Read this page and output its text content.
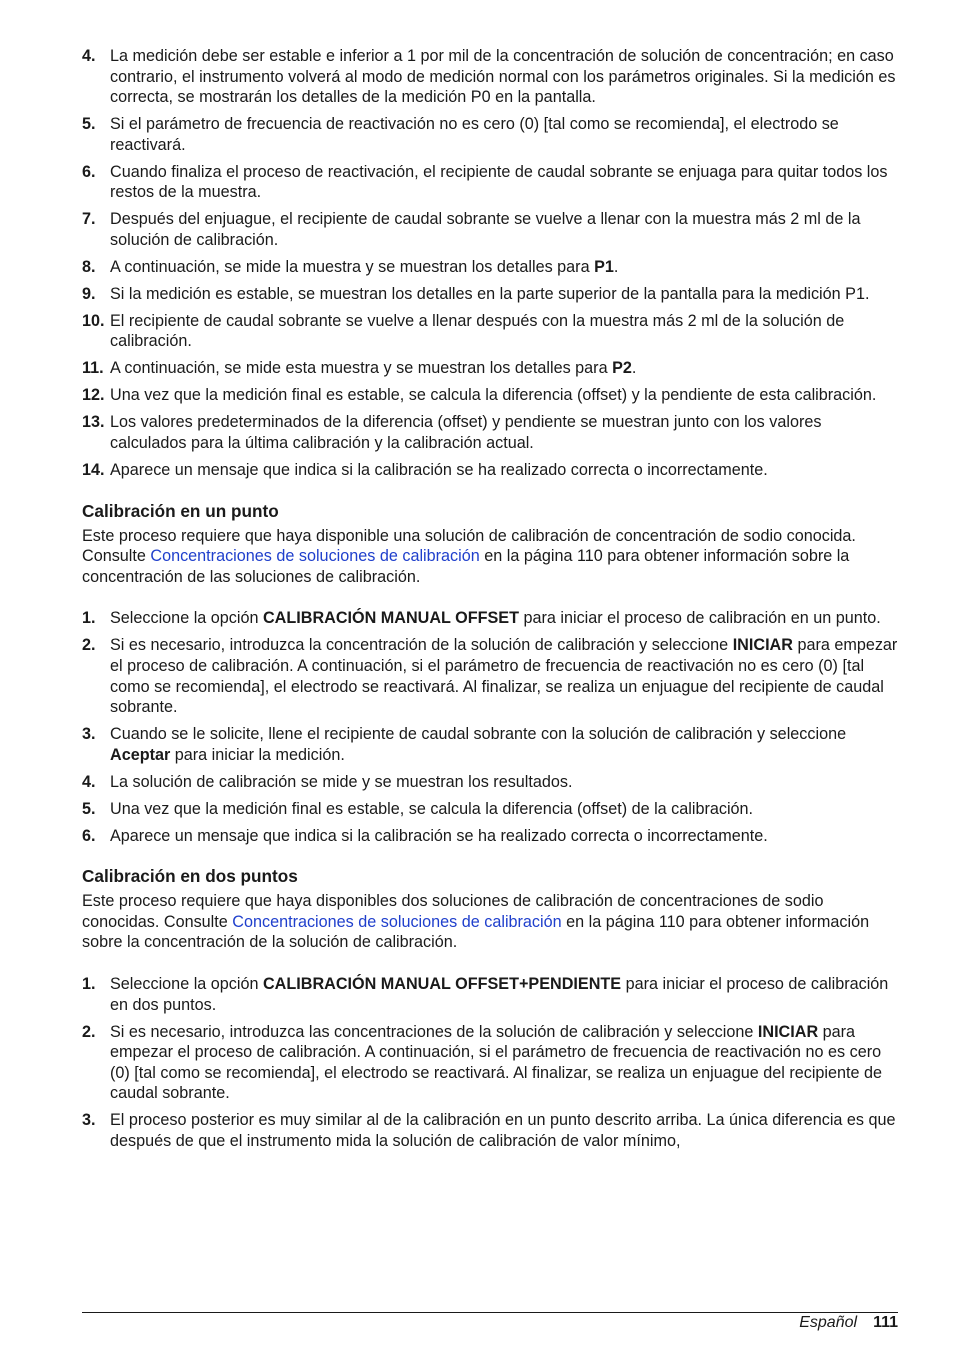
4. La medición debe ser estable e inferior a 1 por mil de la concentración de solución de concentración; en caso contrario, el instrumento volverá al modo de medición normal con los parámetros originales. Si la medición es correcta, se mostrarán los detalles de la medición P0 en la pantalla.
5. Si el parámetro de frecuencia de reactivación no es cero (0) [tal como se recomienda], el electrodo se reactivará.
6. Cuando finaliza el proceso de reactivación, el recipiente de caudal sobrante se enjuaga para quitar todos los restos de la muestra.
7. Después del enjuague, el recipiente de caudal sobrante se vuelve a llenar con la muestra más 2 ml de la solución de calibración.
8. A continuación, se mide la muestra y se muestran los detalles para P1.
9. Si la medición es estable, se muestran los detalles en la parte superior de la pantalla para la medición P1.
10. El recipiente de caudal sobrante se vuelve a llenar después con la muestra más 2 ml de la solución de calibración.
11. A continuación, se mide esta muestra y se muestran los detalles para P2.
12. Una vez que la medición final es estable, se calcula la diferencia (offset) y la pendiente de esta calibración.
13. Los valores predeterminados de la diferencia (offset) y pendiente se muestran junto con los valores calculados para la última calibración y la calibración actual.
14. Aparece un mensaje que indica si la calibración se ha realizado correcta o incorrectamente.
Calibración en un punto

Este proceso requiere que haya disponible una solución de calibración de concentración de sodio conocida. Consulte Concentraciones de soluciones de calibración en la página 110 para obtener información sobre la concentración de las soluciones de calibración.

1. Seleccione la opción CALIBRACIÓN MANUAL OFFSET para iniciar el proceso de calibración en un punto.
2. Si es necesario, introduzca la concentración de la solución de calibración y seleccione INICIAR para empezar el proceso de calibración. A continuación, si el parámetro de frecuencia de reactivación no es cero (0) [tal como se recomienda], el electrodo se reactivará. Al finalizar, se realiza un enjuague del recipiente de caudal sobrante.
3. Cuando se le solicite, llene el recipiente de caudal sobrante con la solución de calibración y seleccione Aceptar para iniciar la medición.
4. La solución de calibración se mide y se muestran los resultados.
5. Una vez que la medición final es estable, se calcula la diferencia (offset) de la calibración.
6. Aparece un mensaje que indica si la calibración se ha realizado correcta o incorrectamente.
Calibración en dos puntos

Este proceso requiere que haya disponibles dos soluciones de calibración de concentraciones de sodio conocidas. Consulte Concentraciones de soluciones de calibración en la página 110 para obtener información sobre la concentración de la solución de calibración.

1. Seleccione la opción CALIBRACIÓN MANUAL OFFSET+PENDIENTE para iniciar el proceso de calibración en dos puntos.
2. Si es necesario, introduzca las concentraciones de la solución de calibración y seleccione INICIAR para empezar el proceso de calibración. A continuación, si el parámetro de frecuencia de reactivación no es cero (0) [tal como se recomienda], el electrodo se reactivará. Al finalizar, se realiza un enjuague del recipiente de caudal sobrante.
3. El proceso posterior es muy similar al de la calibración en un punto descrito arriba. La única diferencia es que después de que el instrumento mida la solución de calibración de valor mínimo,
Español 111
